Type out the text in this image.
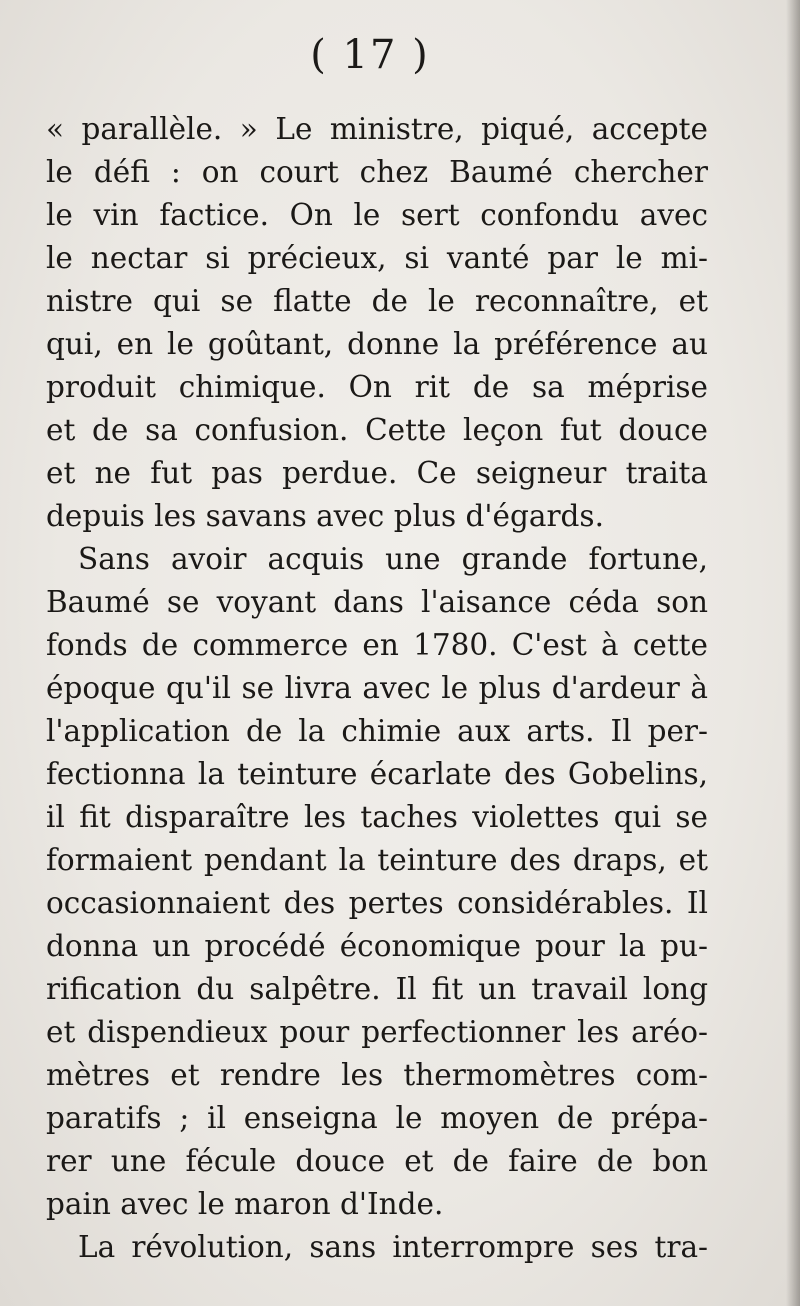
( 17 )
« parallèle. » Le ministre, piqué, accepte
le défi : on court chez Baumé chercher
le vin factice. On le sert confondu avec
le nectar si précieux, si vanté par le mi-
nistre qui se flatte de le reconnaître, et
qui, en le goûtant, donne la préférence au
produit chimique. On rit de sa méprise
et de sa confusion. Cette leçon fut douce
et ne fut pas perdue. Ce seigneur traita
depuis les savans avec plus d'égards.
Sans avoir acquis une grande fortune,
Baumé se voyant dans l'aisance céda son
fonds de commerce en 1780. C'est à cette
époque qu'il se livra avec le plus d'ardeur à
l'application de la chimie aux arts. Il per-
fectionna la teinture écarlate des Gobelins,
il fit disparaître les taches violettes qui se
formaient pendant la teinture des draps, et
occasionnaient des pertes considérables. Il
donna un procédé économique pour la pu-
rification du salpêtre. Il fit un travail long
et dispendieux pour perfectionner les aréo-
mètres et rendre les thermomètres com-
paratifs ; il enseigna le moyen de prépa-
rer une fécule douce et de faire de bon
pain avec le maron d'Inde.
La révolution, sans interrompre ses tra-
